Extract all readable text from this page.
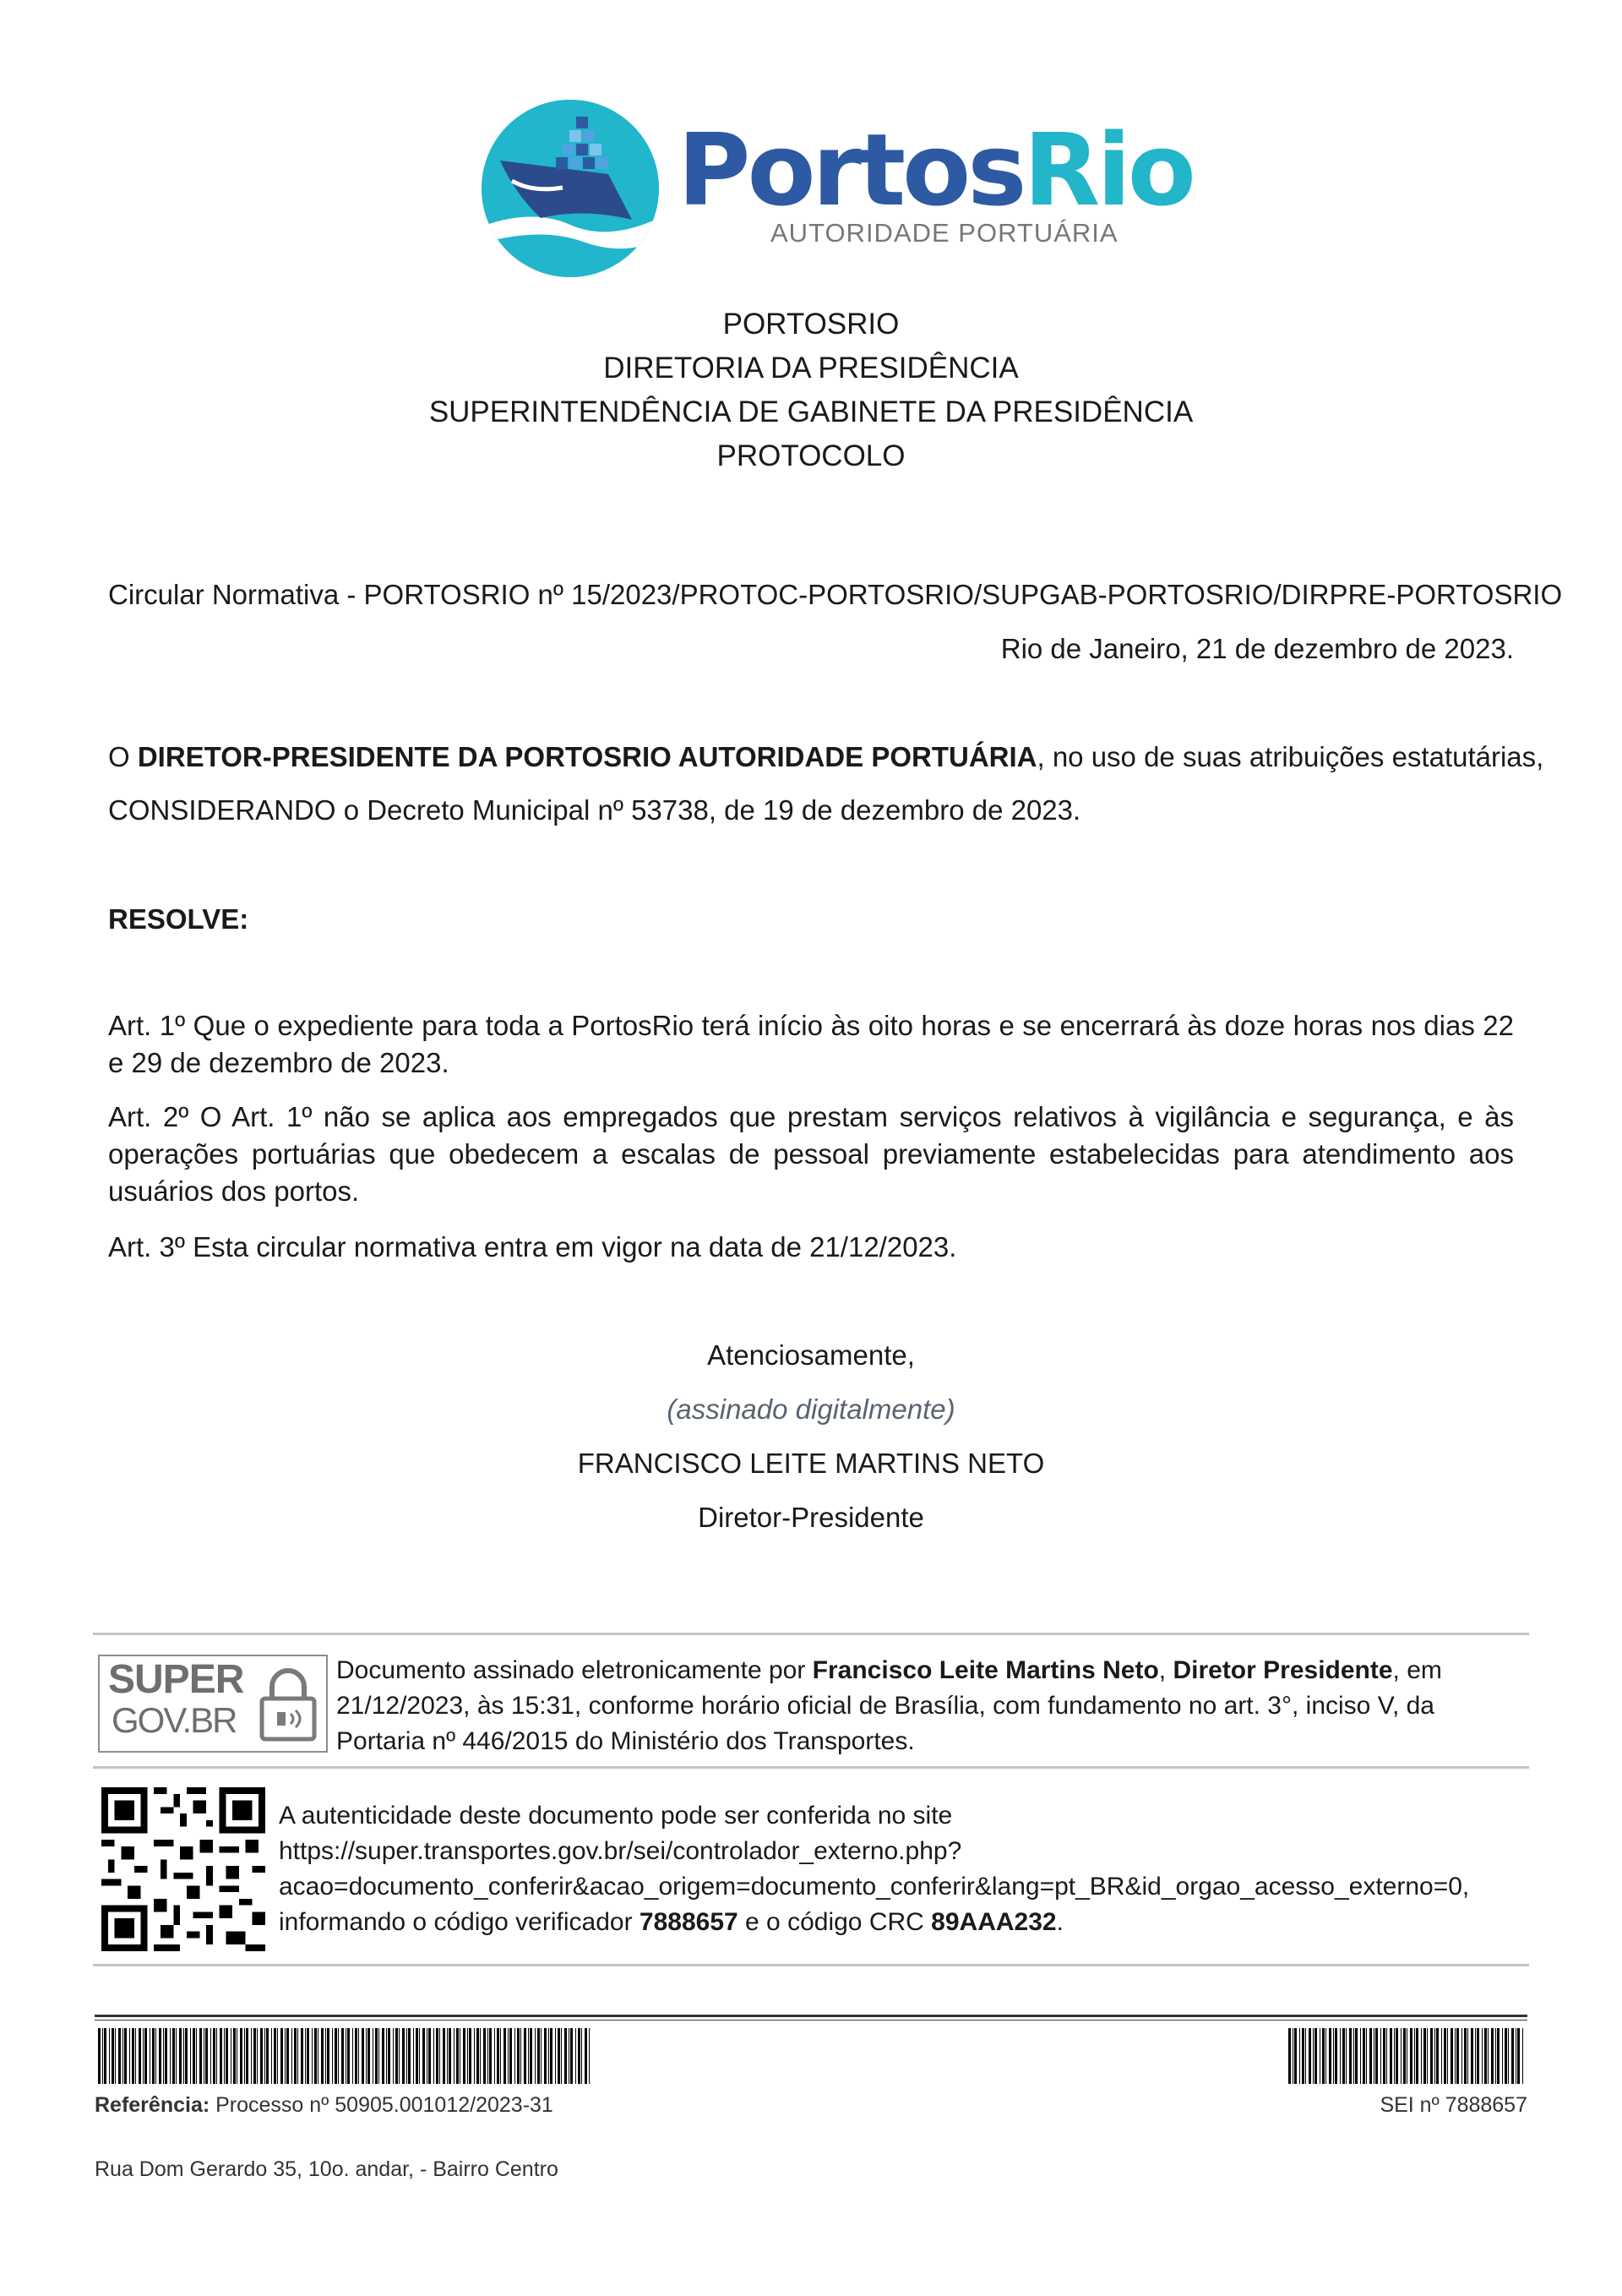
PortosRio
AUTORIDADE PORTUÁRIA
PORTOSRIO
DIRETORIA DA PRESIDÊNCIA
SUPERINTENDÊNCIA DE GABINETE DA PRESIDÊNCIA
PROTOCOLO
Circular Normativa - PORTOSRIO nº 15/2023/PROTOC-PORTOSRIO/SUPGAB-PORTOSRIO/DIRPRE-PORTOSRIO
Rio de Janeiro, 21 de dezembro de 2023.
O DIRETOR-PRESIDENTE DA PORTOSRIO AUTORIDADE PORTUÁRIA, no uso de suas atribuições estatutárias,
CONSIDERANDO o Decreto Municipal nº 53738, de 19 de dezembro de 2023.
RESOLVE:
Art. 1º Que o expediente para toda a PortosRio terá início às oito horas e se encerrará às doze horas nos dias 22 e 29 de dezembro de 2023.
Art. 2º O Art. 1º não se aplica aos empregados que prestam serviços relativos à vigilância e segurança, e às operações portuárias que obedecem a escalas de pessoal previamente estabelecidas para atendimento aos usuários dos portos.
Art. 3º Esta circular normativa entra em vigor na data de 21/12/2023.
Atenciosamente,
(assinado digitalmente)
FRANCISCO LEITE MARTINS NETO
Diretor-Presidente
SUPER
GOV.BR
Documento assinado eletronicamente por Francisco Leite Martins Neto, Diretor Presidente, em 21/12/2023, às 15:31, conforme horário oficial de Brasília, com fundamento no art. 3°, inciso V, da Portaria nº 446/2015 do Ministério dos Transportes.
A autenticidade deste documento pode ser conferida no site
https://super.transportes.gov.br/sei/controlador_externo.php?
acao=documento_conferir&acao_origem=documento_conferir&lang=pt_BR&id_orgao_acesso_externo=0,
informando o código verificador 7888657 e o código CRC 89AAA232.
Referência: Processo nº 50905.001012/2023-31	SEI nº 7888657
Rua Dom Gerardo 35, 10o. andar, - Bairro Centro
